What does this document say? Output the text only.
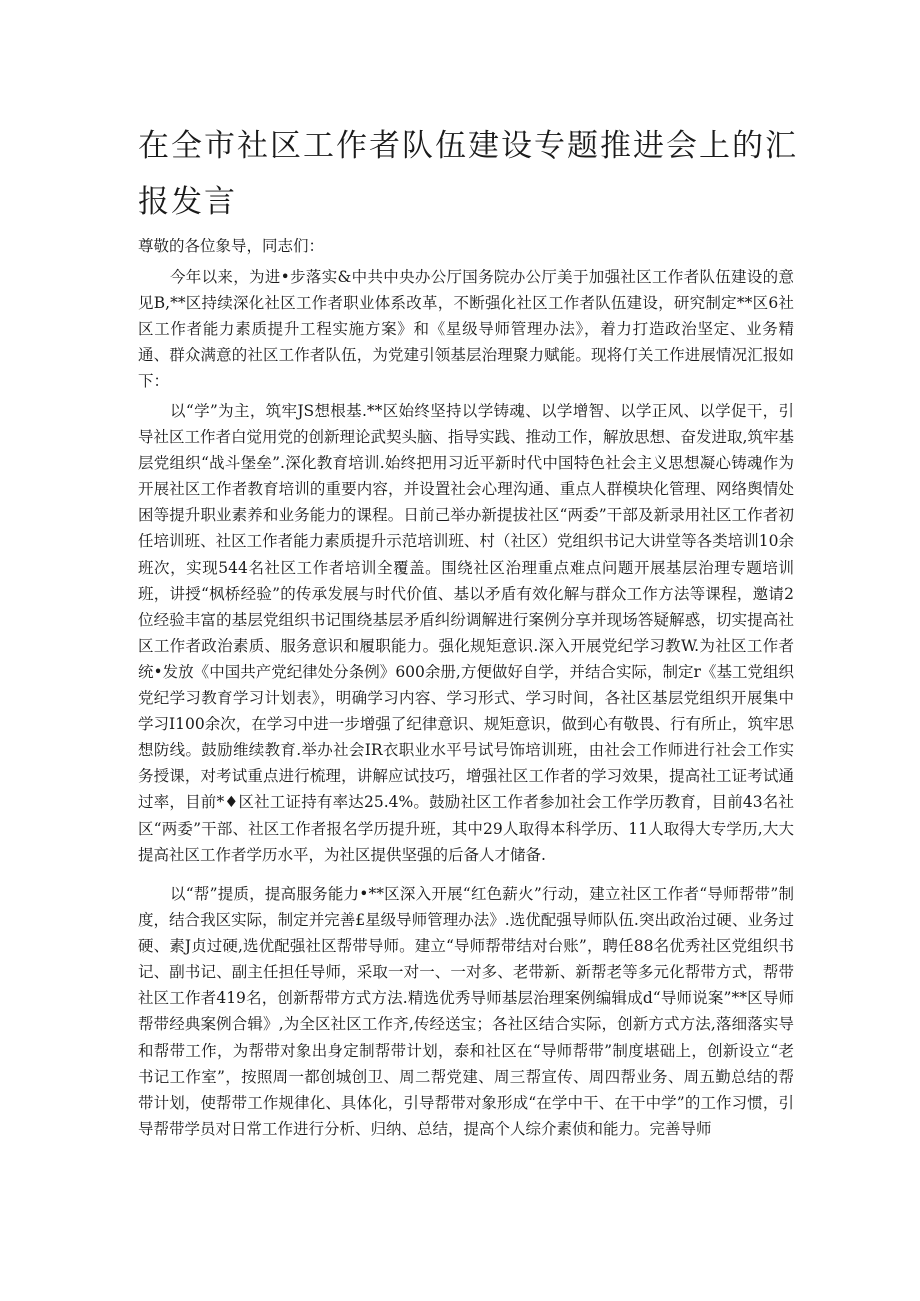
在全市社区工作者队伍建设专题推进会上的汇报发言

尊敬的各位象导，同志们：

今年以来，为进•步落实&中共中央办公厅国务院办公厅美于加强社区工作者队伍建设的意见B,**区持续深化社区工作者职业体系改革，不断强化社区工作者队伍建设，研究制定**区6社区工作者能力素质提升工程实施方案》和《星级导师管理办法》，着力打造政治坚定、业务精通、群众满意的社区工作者队伍，为党建引领基层治理聚力赋能。现将仃关工作进展情况汇报如下：

以“学”为主，筑牢JS想根基.**区始终坚持以学铸魂、以学增智、以学正风、以学促干，引导社区工作者白觉用党的创新理论武契头脑、指导实践、推动工作，解放思想、奋发进取,筑牢基层党组织“战斗堡垒”.深化教育培训.始终把用习近平新时代中国特色社会主义思想凝心铸魂作为开展社区工作者教育培训的重要内容，并设置社会心理沟通、重点人群模块化管理、网络舆情处困等提升职业素养和业务能力的课程。日前己举办新提拔社区“两委”干部及新录用社区工作者初任培训班、社区工作者能力素质提升示范培训班、村（社区）党组织书记大讲堂等各类培训10余班次，实现544名社区工作者培训全覆盖。围绕社区治理重点难点问题开展基层治理专题培训班，讲授“枫桥经验”的传承发展与时代价值、基以矛盾有效化解与群众工作方法等课程，邀请2位经验丰富的基层党组织书记围绕基层矛盾纠纷调解进行案例分享并现场答疑解惑，切实提高社区工作者政治素质、服务意识和履职能力。强化规矩意识.深入开展党纪学习教W.为社区工作者统•发放《中国共产党纪律处分条例》600余册,方便做好自学，并结合实际，制定r《基工党组织党纪学习教育学习计划表》，明确学习内容、学习形式、学习时间，各社区基层党组织开展集中学习I100余次，在学习中进一步增强了纪律意识、规矩意识，做到心有敬畏、行有所止，筑牢思想防线。鼓励维续教育.举办社会IR衣职业水平号试号饰培训班，由社会工作师进行社会工作实务授课，对考试重点进行梳理，讲解应试技巧，增强社区工作者的学习效果，提高社工证考试通过率，目前*♦区社工证持有率达25.4%。鼓励社区工作者参加社会工作学历教育，目前43名社区“两委”干部、社区工作者报名学历提升班，其中29人取得本科学历、11人取得大专学历,大大提高社区工作者学历水平，为社区提供坚强的后备人才储备.

以“帮”提质，提高服务能力•**区深入开展“红色薪火”行动，建立社区工作者“导师帮带”制度，结合我区实际，制定并完善£星级导师管理办法》.选优配强导师队伍.突出政治过硬、业务过硬、素J贞过硬,选优配强社区帮带导师。建立“导师帮带结对台账”，聘任88名优秀社区党组织书记、副书记、副主任担任导师，采取一对一、一对多、老带新、新帮老等多元化帮带方式，帮带社区工作者419名，创新帮带方式方法.精选优秀导师基层治理案例编辑成d“导师说案”**区导师帮带经典案例合辑》,为全区社区工作齐,传经送宝；各社区结合实际，创新方式方法,落细落实导和帮带工作，为帮带对象出身定制帮带计划，泰和社区在“导师帮带”制度堪础上，创新设立“老书记工作室”，按照周一都创城创卫、周二帮党建、周三帮宣传、周四帮业务、周五勤总结的帮带计划，使帮带工作规律化、具体化，引导帮带对象形成“在学中干、在干中学”的工作习惯，引导帮带学员对日常工作进行分析、归纳、总结，提高个人综介素侦和能力。完善导师
